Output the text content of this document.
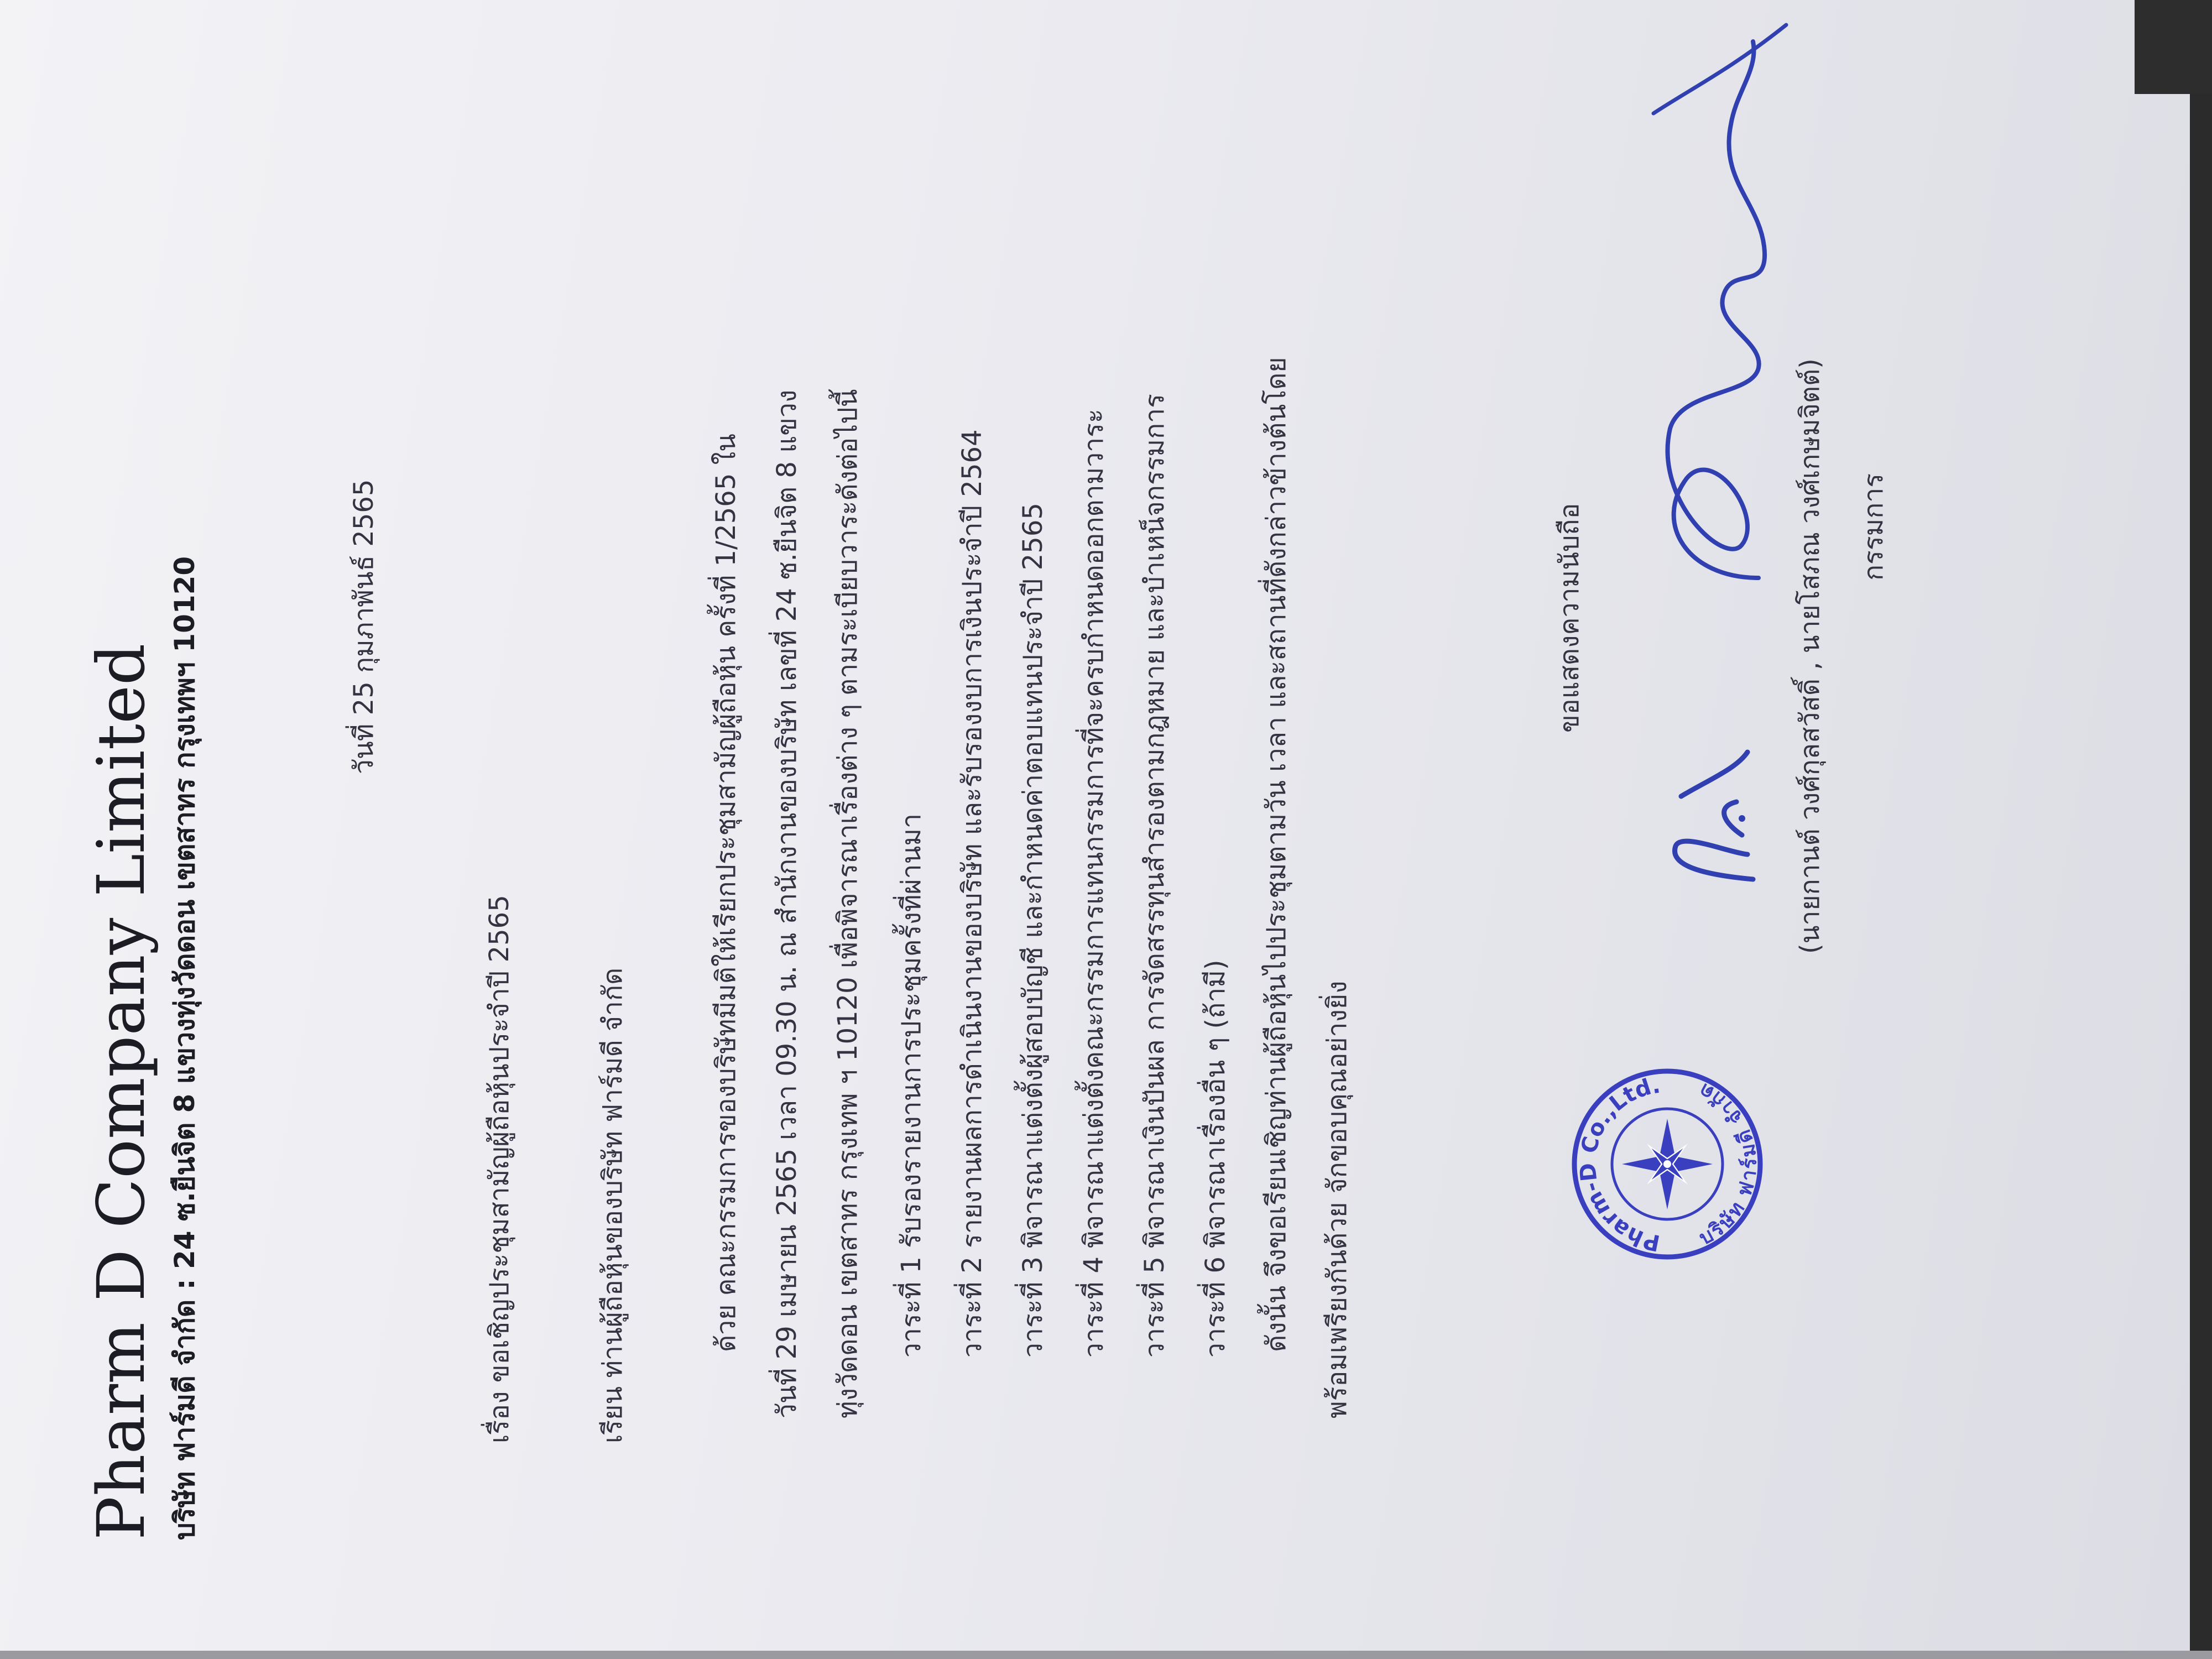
Pharm D Company Limited บริษัท ฟาร์มดี จำกัด : 24 ซ.ยืนจิต 8 แขวงทุ่งวัดดอน เขตสาทร กรุงเทพฯ 10120	วันที่ 25 กุมภาพันธ์ 2565
เรื่อง ขอเชิญประชุมสามัญผู้ถือหุ้นประจำปี 2565	เรียน ท่านผู้ถือหุ้นของบริษัท ฟาร์มดี จำกัด	ด้วย คณะกรรมการของบริษัทมีมติให้เรียกประชุมสามัญผู้ถือหุ้น ครั้งที่ 1/2565 ใน วันที่ 29 เมษายน 2565 เวลา 09.30 น. ณ สำนักงานของบริษัท เลขที่ 24 ซ.ยืนจิต 8 แขวง ทุ่งวัดดอน เขตสาทร กรุงเทพ ฯ 10120 เพื่อพิจารณาเรื่องต่าง ๆ ตามระเบียบวาระดังต่อไปนี้ วาระที่ 1 รับรองรายงานการประชุมครั้งที่ผ่านมา วาระที่ 2 รายงานผลการดำเนินงานของบริษัท และรับรองงบการเงินประจำปี 2564 วาระที่ 3 พิจารณาแต่งตั้งผู้สอบบัญชี และกำหนดค่าตอบแทนประจำปี 2565 วาระที่ 4 พิจารณาแต่งตั้งคณะกรรมการแทนกรรมการที่จะครบกำหนดออกตามวาระ วาระที่ 5 พิจารณาเงินปันผล การจัดสรรทุนสำรองตามกฎหมาย และบำเหน็จกรรมการ วาระที่ 6 พิจารณาเรื่องอื่น ๆ (ถ้ามี) ดังนั้น จึงขอเรียนเชิญท่านผู้ถือหุ้นไปประชุมตามวัน เวลา และสถานที่ดังกล่าวข้างต้นโดย พร้อมเพรียงกันด้วย จักขอบคุณอย่างยิ่ง
ขอแสดงความนับถือ
Pharm-D Co.,Ltd.
บริษัท ฟาร์มดี จำกัด
(นายกานต์ วงศ์กุลสวัสดิ์ , นายโสภณ วงศ์เกษมจิตต์) กรรมการ
